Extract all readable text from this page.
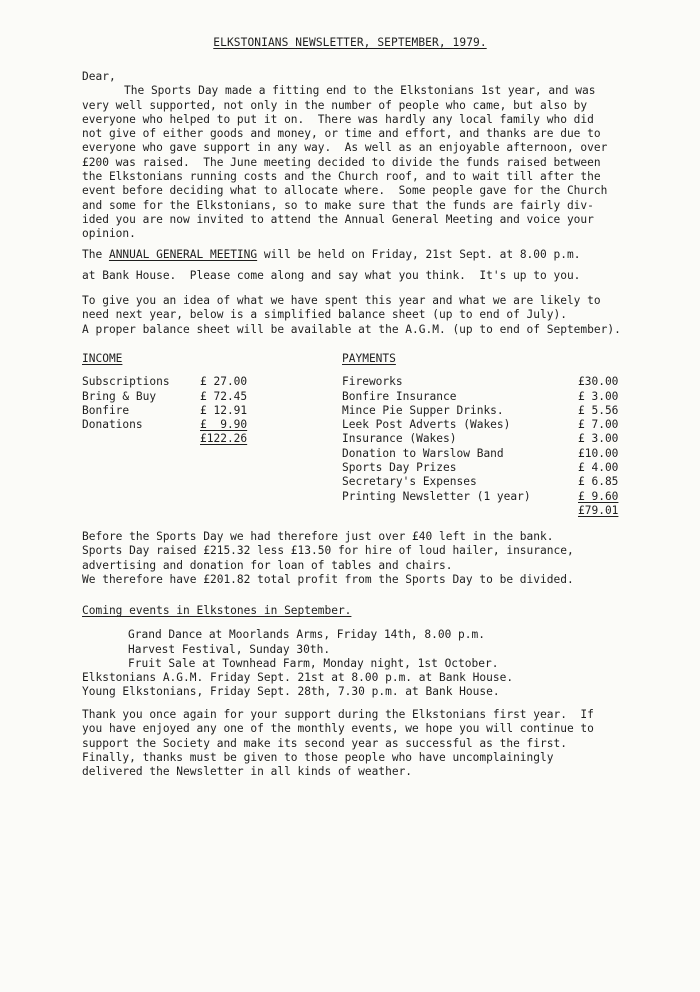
ELKSTONIANS NEWSLETTER, SEPTEMBER, 1979.
Dear,
The Sports Day made a fitting end to the Elkstonians 1st year, and was
very well supported, not only in the number of people who came, but also by
everyone who helped to put it on.  There was hardly any local family who did
not give of either goods and money, or time and effort, and thanks are due to
everyone who gave support in any way.  As well as an enjoyable afternoon, over
£200 was raised.  The June meeting decided to divide the funds raised between
the Elkstonians running costs and the Church roof, and to wait till after the
event before deciding what to allocate where.  Some people gave for the Church
and some for the Elkstonians, so to make sure that the funds are fairly div-
ided you are now invited to attend the Annual General Meeting and voice your
opinion.
The ANNUAL GENERAL MEETING will be held on Friday, 21st Sept. at 8.00 p.m.
at Bank House.  Please come along and say what you think.  It's up to you.
To give you an idea of what we have spent this year and what we are likely to
need next year, below is a simplified balance sheet (up to end of July).
A proper balance sheet will be available at the A.G.M. (up to end of September).
INCOME
Subscriptions	£ 27.00
Bring & Buy	£ 72.45
Bonfire	£ 12.91
Donations	£  9.90
£122.26
PAYMENTS
Fireworks	£30.00
Bonfire Insurance	£ 3.00
Mince Pie Supper Drinks.	£ 5.56
Leek Post Adverts (Wakes)	£ 7.00
Insurance (Wakes)	£ 3.00
Donation to Warslow Band	£10.00
Sports Day Prizes	£ 4.00
Secretary's Expenses	£ 6.85
Printing Newsletter (1 year)	£ 9.60
£79.01
Before the Sports Day we had therefore just over £40 left in the bank.
Sports Day raised £215.32 less £13.50 for hire of loud hailer, insurance,
advertising and donation for loan of tables and chairs.
We therefore have £201.82 total profit from the Sports Day to be divided.
Coming events in Elkstones in September.
Grand Dance at Moorlands Arms, Friday 14th, 8.00 p.m.
Harvest Festival, Sunday 30th.
Fruit Sale at Townhead Farm, Monday night, 1st October.
Elkstonians A.G.M. Friday Sept. 21st at 8.00 p.m. at Bank House.
Young Elkstonians, Friday Sept. 28th, 7.30 p.m. at Bank House.
Thank you once again for your support during the Elkstonians first year.  If
you have enjoyed any one of the monthly events, we hope you will continue to
support the Society and make its second year as successful as the first.
Finally, thanks must be given to those people who have uncomplainingly
delivered the Newsletter in all kinds of weather.
